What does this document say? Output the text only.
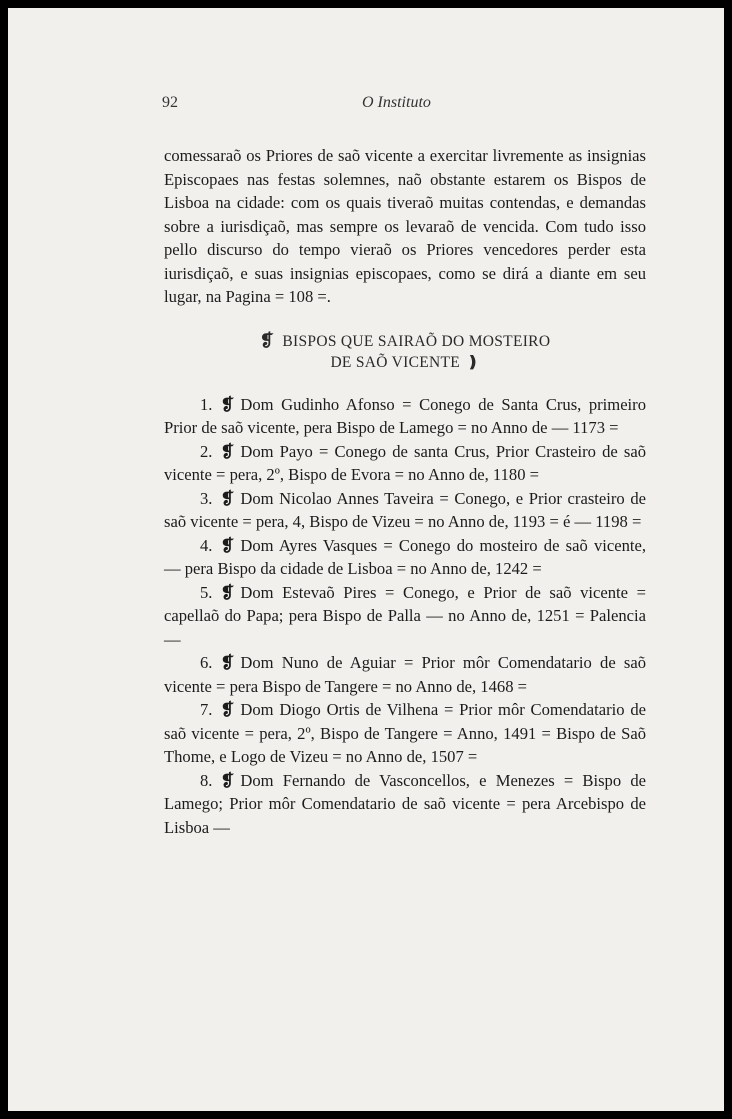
92	O Instituto

comessaraõ os Priores de saõ vicente a exercitar livremente as insignias Episcopaes nas festas solemnes, naõ obstante estarem os Bispos de Lisboa na cidade: com os quais tiveraõ muitas contendas, e demandas sobre a iurisdiçaõ, mas sempre os levaraõ de vencida. Com tudo isso pello discurso do tempo vieraõ os Priores vencedores perder esta iurisdiçaõ, e suas insignias episcopaes, como se dirá a diante em seu lugar, na Pagina = 108 =.

❡ BISPOS QUE SAIRAÕ DO MOSTEIRO
DE SAÕ VICENTE ❫

1. ❡ Dom Gudinho Afonso = Conego de Santa Crus, primeiro Prior de saõ vicente, pera Bispo de Lamego = no Anno de — 1173 =

2. ❡ Dom Payo = Conego de santa Crus, Prior Crasteiro de saõ vicente = pera, 2º, Bispo de Evora = no Anno de, 1180 =

3. ❡ Dom Nicolao Annes Taveira = Conego, e Prior crasteiro de saõ vicente = pera, 4, Bispo de Vizeu = no Anno de, 1193 = é — 1198 =

4. ❡ Dom Ayres Vasques = Conego do mosteiro de saõ vicente, — pera Bispo da cidade de Lisboa = no Anno de, 1242 =

5. ❡ Dom Estevaõ Pires = Conego, e Prior de saõ vicente = capellaõ do Papa; pera Bispo de Palla — no Anno de, 1251 = Palencia —

6. ❡ Dom Nuno de Aguiar = Prior môr Comendatario de saõ vicente = pera Bispo de Tangere = no Anno de, 1468 =

7. ❡ Dom Diogo Ortis de Vilhena = Prior môr Comendatario de saõ vicente = pera, 2º, Bispo de Tangere = Anno, 1491 = Bispo de Saõ Thome, e Logo de Vizeu = no Anno de, 1507 =

8. ❡ Dom Fernando de Vasconcellos, e Menezes = Bispo de Lamego; Prior môr Comendatario de saõ vicente = pera Arcebispo de Lisboa —
